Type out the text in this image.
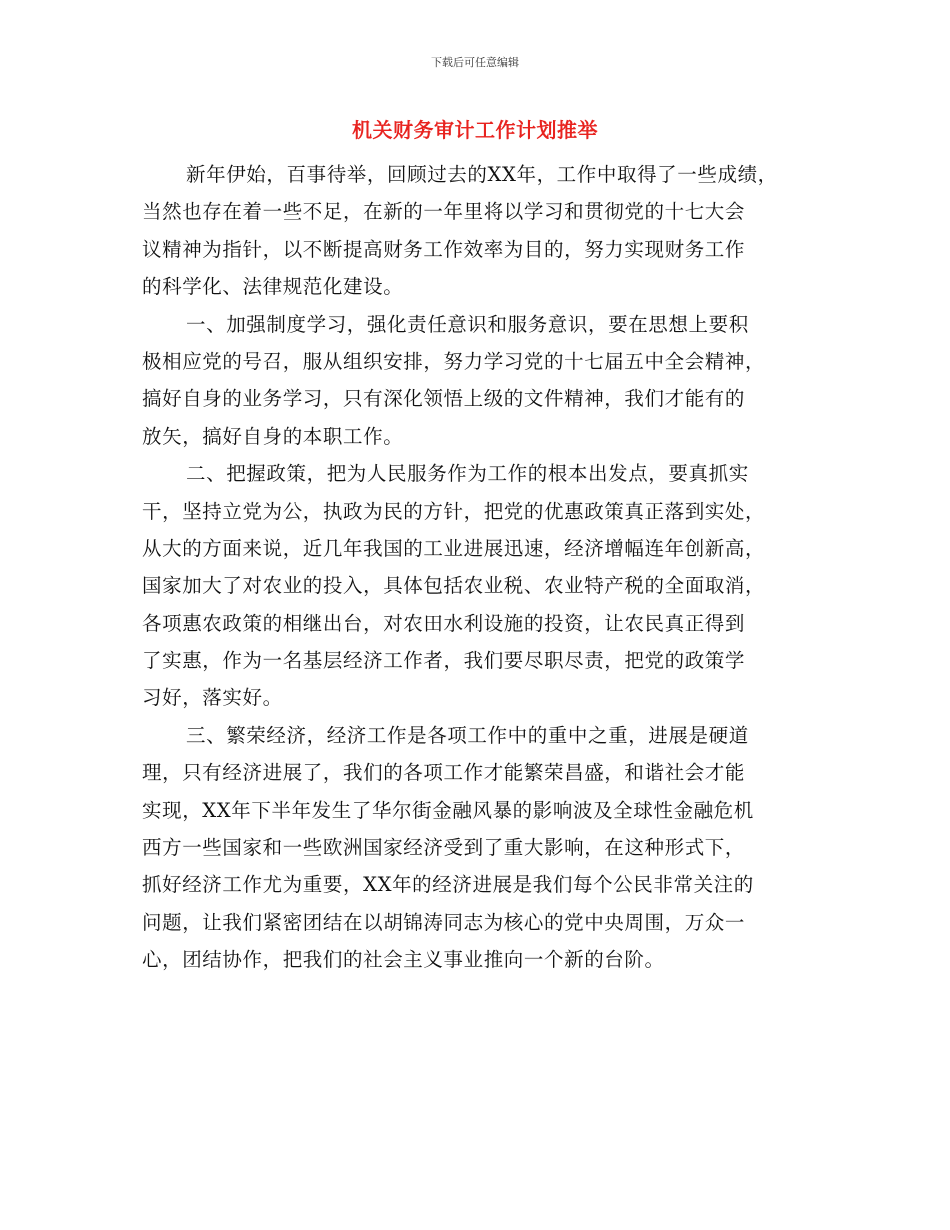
下载后可任意编辑
机关财务审计工作计划推举
新年伊始，百事待举，回顾过去的XX年，工作中取得了一些成绩，
当然也存在着一些不足，在新的一年里将以学习和贯彻党的十七大会
议精神为指针，以不断提高财务工作效率为目的，努力实现财务工作
的科学化、法律规范化建设。
一、加强制度学习，强化责任意识和服务意识，要在思想上要积
极相应党的号召，服从组织安排，努力学习党的十七届五中全会精神，
搞好自身的业务学习，只有深化领悟上级的文件精神，我们才能有的
放矢，搞好自身的本职工作。
二、把握政策，把为人民服务作为工作的根本出发点，要真抓实
干，坚持立党为公，执政为民的方针，把党的优惠政策真正落到实处，
从大的方面来说，近几年我国的工业进展迅速，经济增幅连年创新高，
国家加大了对农业的投入，具体包括农业税、农业特产税的全面取消，
各项惠农政策的相继出台，对农田水利设施的投资，让农民真正得到
了实惠，作为一名基层经济工作者，我们要尽职尽责，把党的政策学
习好，落实好。
三、繁荣经济，经济工作是各项工作中的重中之重，进展是硬道
理，只有经济进展了，我们的各项工作才能繁荣昌盛，和谐社会才能
实现，XX年下半年发生了华尔街金融风暴的影响波及全球性金融危机
西方一些国家和一些欧洲国家经济受到了重大影响，在这种形式下，
抓好经济工作尤为重要，XX年的经济进展是我们每个公民非常关注的
问题，让我们紧密团结在以胡锦涛同志为核心的党中央周围，万众一
心，团结协作，把我们的社会主义事业推向一个新的台阶。
